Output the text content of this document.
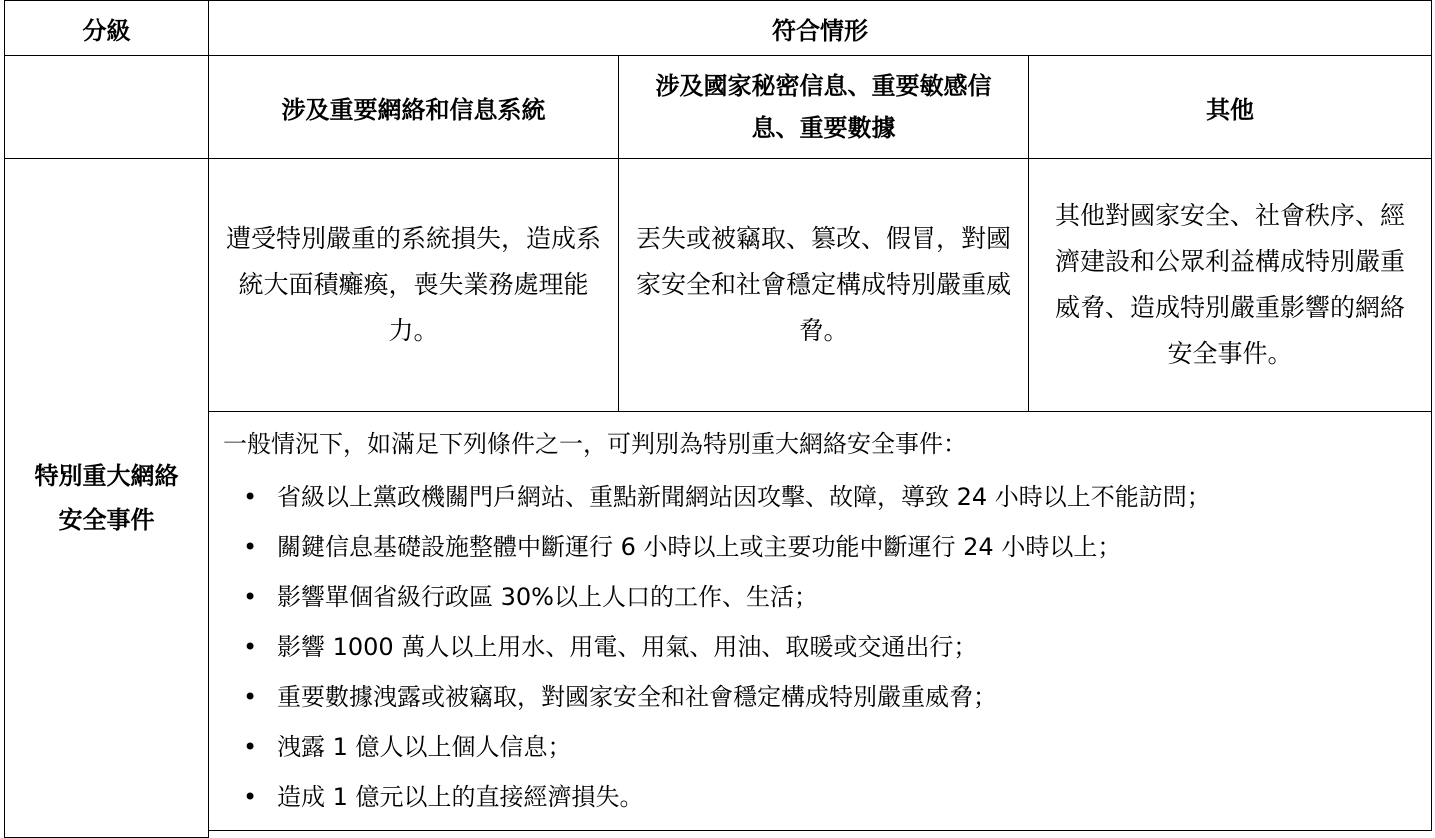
分級	符合情形
涉及重要網絡和信息系統
涉及國家秘密信息、重要敏感信息、重要數據
其他
特別重大網絡安全事件
遭受特別嚴重的系統損失，造成系統大面積癱瘓，喪失業務處理能力。
丟失或被竊取、篡改、假冒，對國家安全和社會穩定構成特別嚴重威脅。
其他對國家安全、社會秩序、經濟建設和公眾利益構成特別嚴重威脅、造成特別嚴重影響的網絡安全事件。
一般情況下，如滿足下列條件之一，可判別為特別重大網絡安全事件：
• 省級以上黨政機關門戶網站、重點新聞網站因攻擊、故障，導致 24 小時以上不能訪問；
• 關鍵信息基礎設施整體中斷運行 6 小時以上或主要功能中斷運行 24 小時以上；
• 影響單個省級行政區 30%以上人口的工作、生活；
• 影響 1000 萬人以上用水、用電、用氣、用油、取暖或交通出行；
• 重要數據洩露或被竊取，對國家安全和社會穩定構成特別嚴重威脅；
• 洩露 1 億人以上個人信息；
• 造成 1 億元以上的直接經濟損失。
